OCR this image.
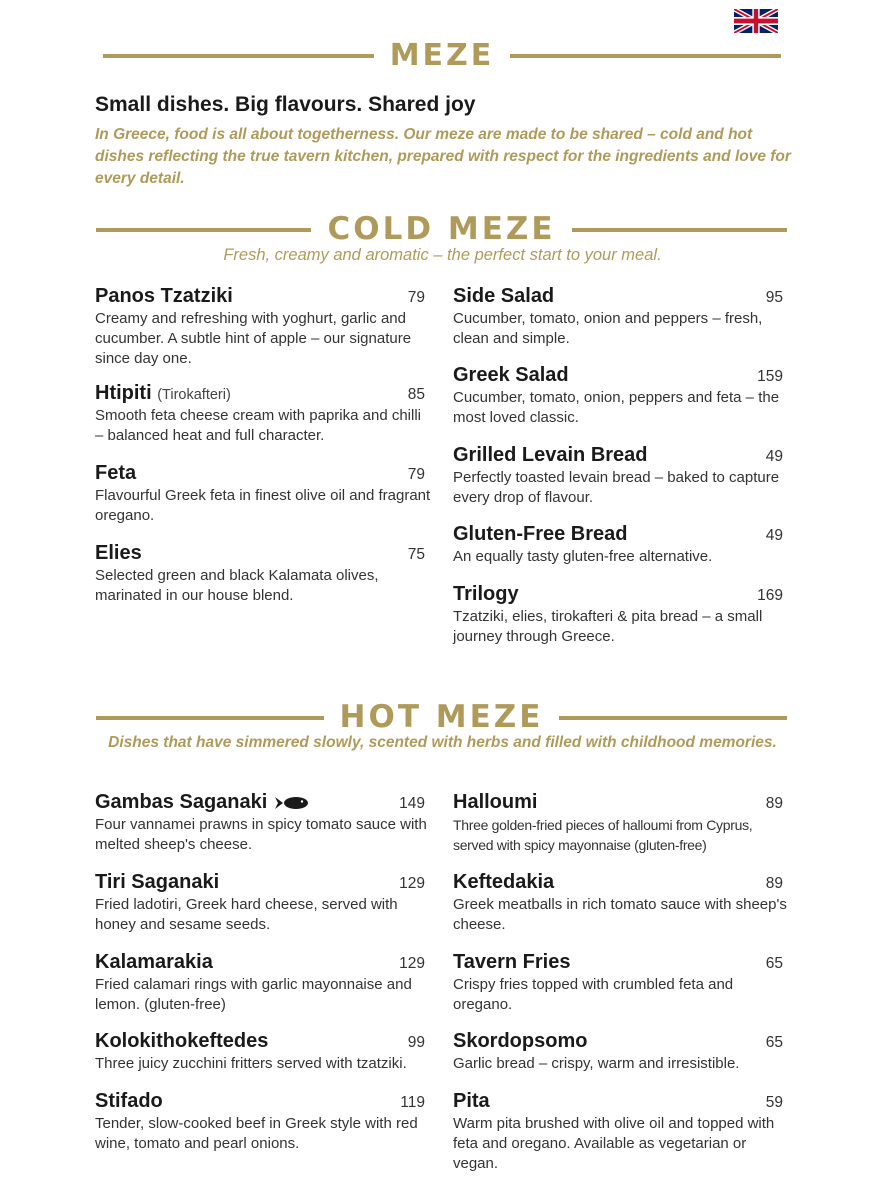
MEZE
Small dishes. Big flavours. Shared joy
In Greece, food is all about togetherness. Our meze are made to be shared – cold and hot dishes reflecting the true tavern kitchen, prepared with respect for the ingredients and love for every detail.
COLD MEZE
Fresh, creamy and aromatic – the perfect start to your meal.
Panos Tzatziki	79
Creamy and refreshing with yoghurt, garlic and cucumber. A subtle hint of apple – our signature since day one.
Htipiti (Tirokafteri)	85
Smooth feta cheese cream with paprika and chilli – balanced heat and full character.
Feta	79
Flavourful Greek feta in finest olive oil and fragrant oregano.
Elies	75
Selected green and black Kalamata olives, marinated in our house blend.
Side Salad	95
Cucumber, tomato, onion and peppers – fresh, clean and simple.
Greek Salad	159
Cucumber, tomato, onion, peppers and feta – the most loved classic.
Grilled Levain Bread	49
Perfectly toasted levain bread – baked to capture every drop of flavour.
Gluten-Free Bread	49
An equally tasty gluten-free alternative.
Trilogy	169
Tzatziki, elies, tirokafteri & pita bread – a small journey through Greece.
HOT MEZE
Dishes that have simmered slowly, scented with herbs and filled with childhood memories.
Gambas Saganaki	149
Four vannamei prawns in spicy tomato sauce with melted sheep's cheese.
Tiri Saganaki	129
Fried ladotiri, Greek hard cheese, served with honey and sesame seeds.
Kalamarakia	129
Fried calamari rings with garlic mayonnaise and lemon. (gluten-free)
Kolokithokeftedes	99
Three juicy zucchini fritters served with tzatziki.
Stifado	119
Tender, slow-cooked beef in Greek style with red wine, tomato and pearl onions.
Halloumi	89
Three golden-fried pieces of halloumi from Cyprus, served with spicy mayonnaise (gluten-free)
Keftedakia	89
Greek meatballs in rich tomato sauce with sheep's cheese.
Tavern Fries	65
Crispy fries topped with crumbled feta and oregano.
Skordopsomo	65
Garlic bread – crispy, warm and irresistible.
Pita	59
Warm pita brushed with olive oil and topped with feta and oregano. Available as vegetarian or vegan.
